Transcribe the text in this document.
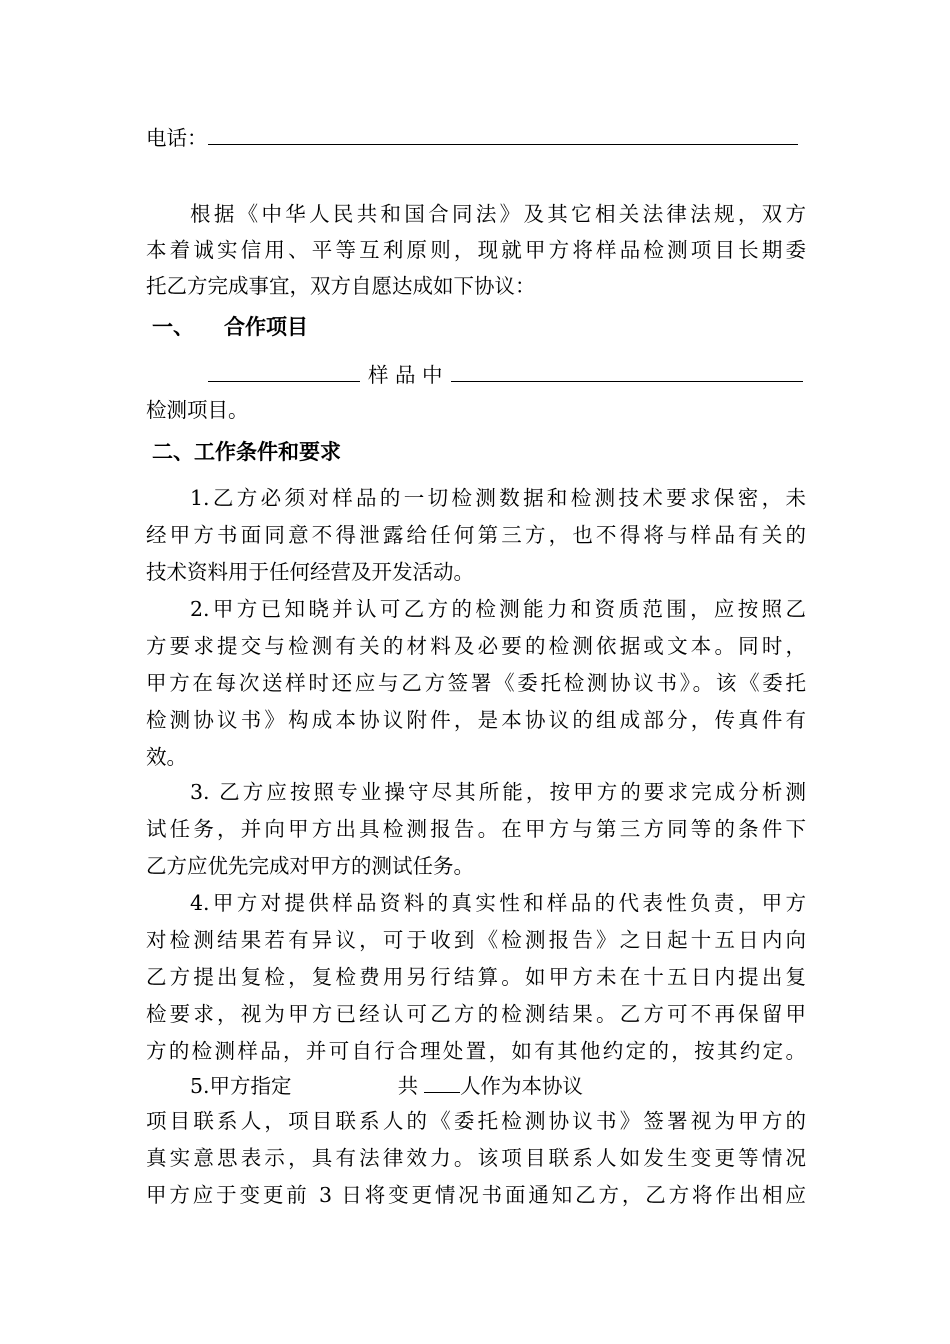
电话：
根据《中华人民共和国合同法》及其它相关法律法规，双方
本着诚实信用、平等互利原则，现就甲方将样品检测项目长期委
托乙方完成事宜，双方自愿达成如下协议：
一、 合作项目
样 品 中
检测项目。
二、工作条件和要求
1.乙方必须对样品的一切检测数据和检测技术要求保密，未
经甲方书面同意不得泄露给任何第三方，也不得将与样品有关的
技术资料用于任何经营及开发活动。
2.甲方已知晓并认可乙方的检测能力和资质范围，应按照乙
方要求提交与检测有关的材料及必要的检测依据或文本。同时，
甲方在每次送样时还应与乙方签署《委托检测协议书》。该《委托
检测协议书》构成本协议附件，是本协议的组成部分，传真件有
效。
3. 乙方应按照专业操守尽其所能，按甲方的要求完成分析测
试任务，并向甲方出具检测报告。在甲方与第三方同等的条件下
乙方应优先完成对甲方的测试任务。
4.甲方对提供样品资料的真实性和样品的代表性负责，甲方
对检测结果若有异议，可于收到《检测报告》之日起十五日内向
乙方提出复检，复检费用另行结算。如甲方未在十五日内提出复
检要求，视为甲方已经认可乙方的检测结果。乙方可不再保留甲
方的检测样品，并可自行合理处置，如有其他约定的，按其约定。
5.甲方指定	共 人作为本协议
项目联系人，项目联系人的《委托检测协议书》签署视为甲方的
真实意思表示，具有法律效力。该项目联系人如发生变更等情况
甲方应于变更前 3 日将变更情况书面通知乙方，乙方将作出相应
